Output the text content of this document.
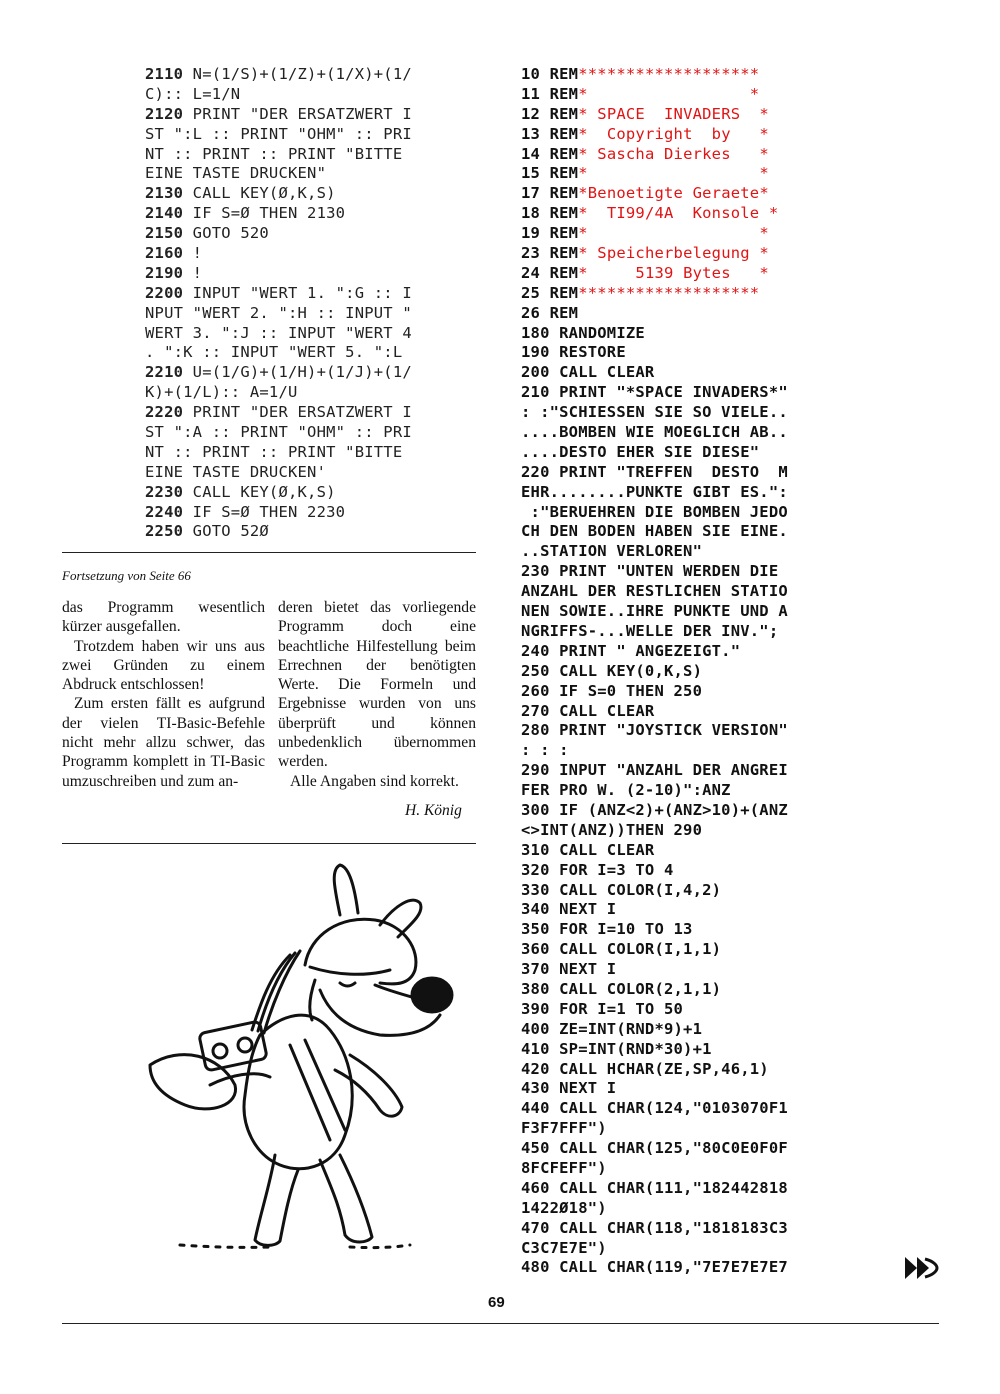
2110 N=(1/S)+(1/Z)+(1/X)+(1/
C):: L=1/N
2120 PRINT "DER ERSATZWERT I
ST ":L :: PRINT "OHM" :: PRI
NT :: PRINT :: PRINT "BITTE
EINE TASTE DRUCKEN"
2130 CALL KEY(Ø,K,S)
2140 IF S=Ø THEN 2130
2150 GOTO 520
2160 !
2190 !
2200 INPUT "WERT 1. ":G :: I
NPUT "WERT 2. ":H :: INPUT "
WERT 3. ":J :: INPUT "WERT 4
. ":K :: INPUT "WERT 5. ":L
2210 U=(1/G)+(1/H)+(1/J)+(1/
K)+(1/L):: A=1/U
2220 PRINT "DER ERSATZWERT I
ST ":A :: PRINT "OHM" :: PRI
NT :: PRINT :: PRINT "BITTE
EINE TASTE DRUCKEN'
2230 CALL KEY(Ø,K,S)
2240 IF S=Ø THEN 2230
2250 GOTO 52Ø
Fortsetzung von Seite 66

das Programm wesentlich kürzer ausgefallen.

Trotzdem haben wir uns aus zwei Gründen zu einem Abdruck entschlossen!

Zum ersten fällt es aufgrund der vielen TI-Basic-Befehle nicht mehr allzu schwer, das Programm komplett in TI-Basic umzuschreiben und zum an-

deren bietet das vorliegende Programm doch eine beachtliche Hilfestellung beim Errechnen der benötigten Werte. Die Formeln und Ergebnisse wurden von uns überprüft und können unbedenklich übernommen werden.

Alle Angaben sind korrekt.

H. König
10 REM*******************
11 REM*                 *
12 REM* SPACE  INVADERS  *
13 REM*  Copyright  by   *
14 REM* Sascha Dierkes   *
15 REM*                  *
17 REM*Benoetigte Geraete*
18 REM*  TI99/4A  Konsole *
19 REM*                  *
23 REM* Speicherbelegung *
24 REM*     5139 Bytes   *
25 REM*******************
26 REM
180 RANDOMIZE
190 RESTORE
200 CALL CLEAR
210 PRINT "*SPACE INVADERS*"
: :"SCHIESSEN SIE SO VIELE..
....BOMBEN WIE MOEGLICH AB..
....DESTO EHER SIE DIESE"
220 PRINT "TREFFEN  DESTO  M
EHR........PUNKTE GIBT ES.":
:"BERUEHREN DIE BOMBEN JEDO
CH DEN BODEN HABEN SIE EINE.
..STATION VERLOREN"
230 PRINT "UNTEN WERDEN DIE
ANZAHL DER RESTLICHEN STATIO
NEN SOWIE..IHRE PUNKTE UND A
NGRIFFS-...WELLE DER INV.";
240 PRINT " ANGEZEIGT."
250 CALL KEY(0,K,S)
260 IF S=0 THEN 250
270 CALL CLEAR
280 PRINT "JOYSTICK VERSION"
: : :
290 INPUT "ANZAHL DER ANGREI
FER PRO W. (2-10)":ANZ
300 IF (ANZ<2)+(ANZ>10)+(ANZ
<>INT(ANZ))THEN 290
310 CALL CLEAR
320 FOR I=3 TO 4
330 CALL COLOR(I,4,2)
340 NEXT I
350 FOR I=10 TO 13
360 CALL COLOR(I,1,1)
370 NEXT I
380 CALL COLOR(2,1,1)
390 FOR I=1 TO 50
400 ZE=INT(RND*9)+1
410 SP=INT(RND*30)+1
420 CALL HCHAR(ZE,SP,46,1)
430 NEXT I
440 CALL CHAR(124,"0103070F1
F3F7FFF")
450 CALL CHAR(125,"80C0E0F0F
8FCFEFF")
460 CALL CHAR(111,"182442818
1422Ø18")
470 CALL CHAR(118,"1818183C3
C3C7E7E")
480 CALL CHAR(119,"7E7E7E7E7
69
